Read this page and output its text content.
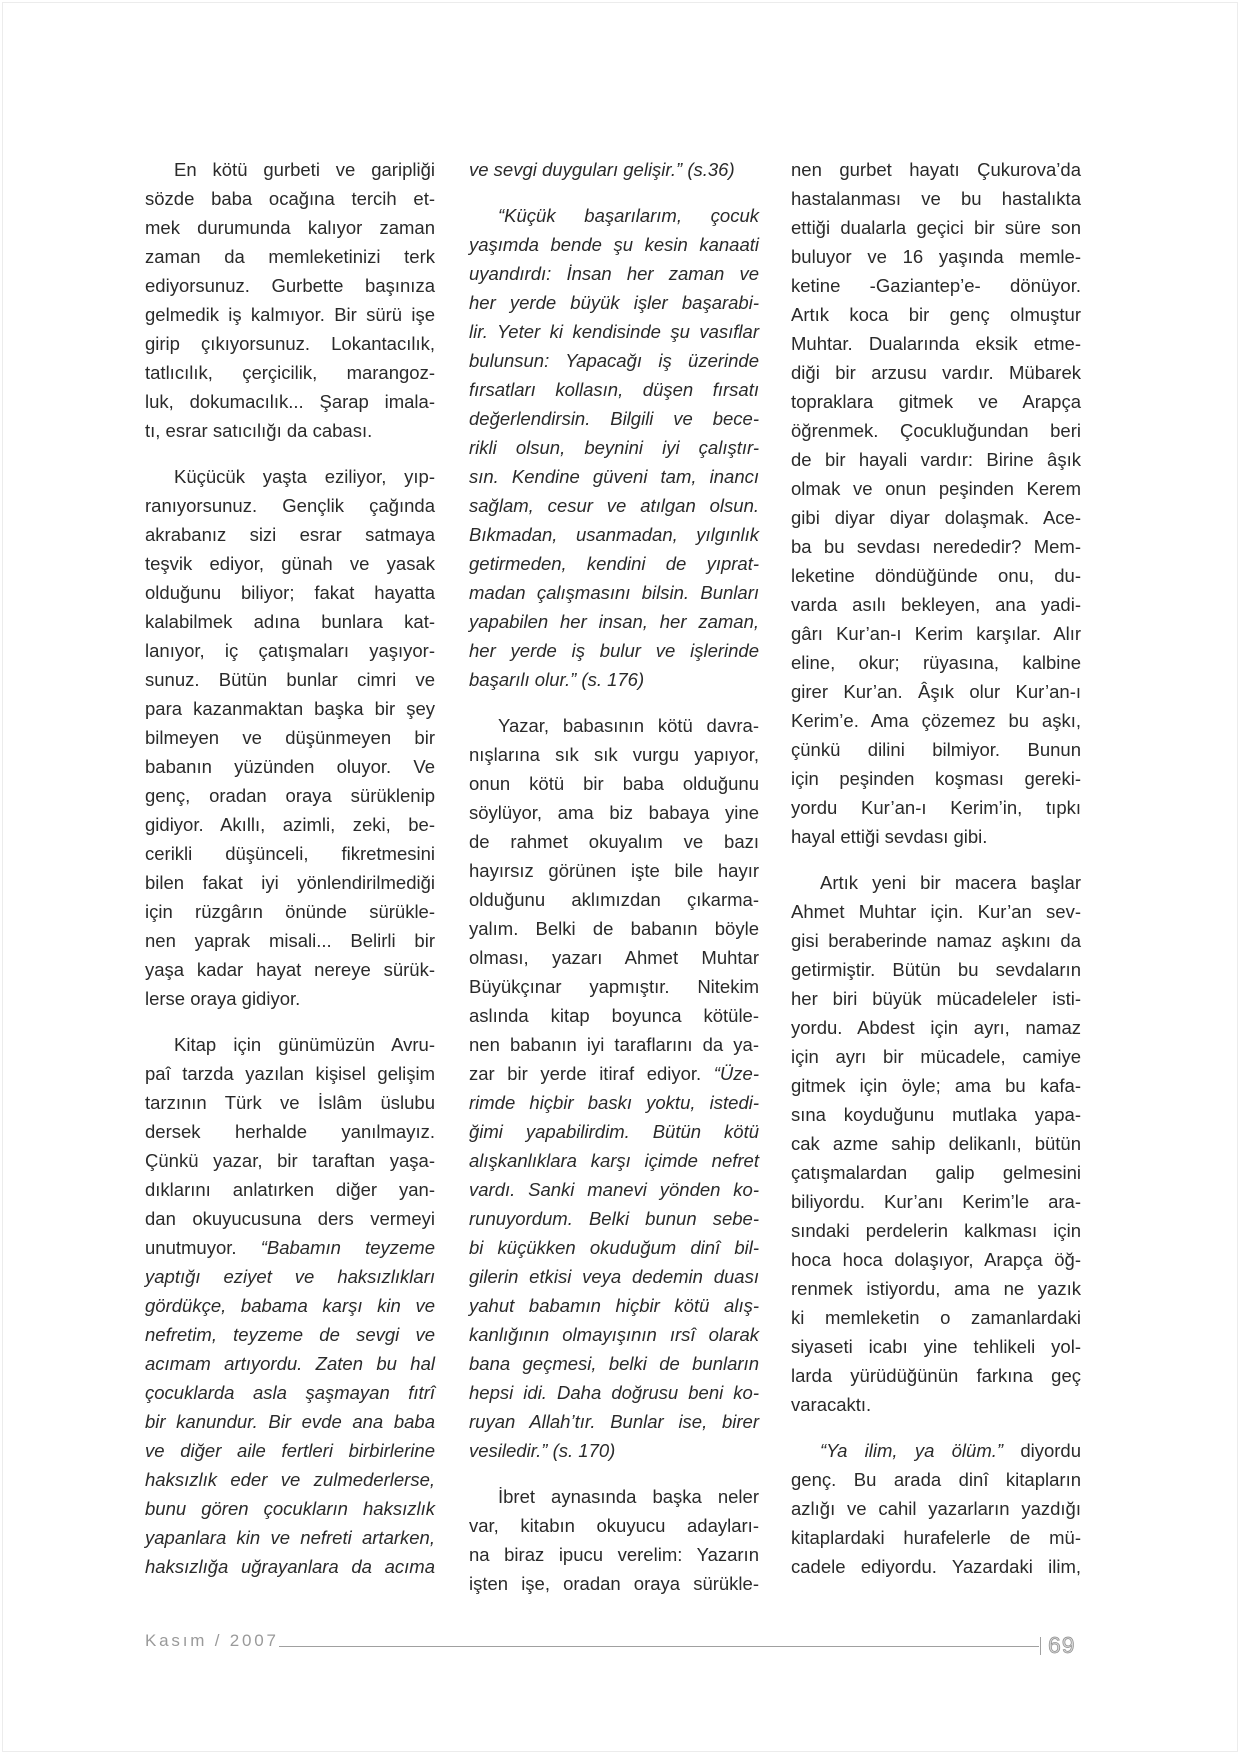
En kötü gurbeti ve garipliği
sözde baba ocağına tercih et-
mek durumunda kalıyor zaman
zaman da memleketinizi terk
ediyorsunuz. Gurbette başınıza
gelmedik iş kalmıyor. Bir sürü işe
girip çıkıyorsunuz. Lokantacılık,
tatlıcılık, çerçicilik, marangoz-
luk, dokumacılık... Şarap imala-
tı, esrar satıcılığı da cabası.
Küçücük yaşta eziliyor, yıp-
ranıyorsunuz. Gençlik çağında
akrabanız sizi esrar satmaya
teşvik ediyor, günah ve yasak
olduğunu biliyor; fakat hayatta
kalabilmek adına bunlara kat-
lanıyor, iç çatışmaları yaşıyor-
sunuz. Bütün bunlar cimri ve
para kazanmaktan başka bir şey
bilmeyen ve düşünmeyen bir
babanın yüzünden oluyor. Ve
genç, oradan oraya sürüklenip
gidiyor. Akıllı, azimli, zeki, be-
cerikli düşünceli, fikretmesini
bilen fakat iyi yönlendirilmediği
için rüzgârın önünde sürükle-
nen yaprak misali... Belirli bir
yaşa kadar hayat nereye sürük-
lerse oraya gidiyor.
Kitap için günümüzün Avru-
paî tarzda yazılan kişisel gelişim
tarzının Türk ve İslâm üslubu
dersek herhalde yanılmayız.
Çünkü yazar, bir taraftan yaşa-
dıklarını anlatırken diğer yan-
dan okuyucusuna ders vermeyi
unutmuyor. “Babamın teyzeme
yaptığı eziyet ve haksızlıkları
gördükçe, babama karşı kin ve
nefretim, teyzeme de sevgi ve
acımam artıyordu. Zaten bu hal
çocuklarda asla şaşmayan fıtrî
bir kanundur. Bir evde ana baba
ve diğer aile fertleri birbirlerine
haksızlık eder ve zulmederlerse,
bunu gören çocukların haksızlık
yapanlara kin ve nefreti artarken,
haksızlığa uğrayanlara da acıma
ve sevgi duyguları gelişir.” (s.36)
“Küçük başarılarım, çocuk
yaşımda bende şu kesin kanaati
uyandırdı: İnsan her zaman ve
her yerde büyük işler başarabi-
lir. Yeter ki kendisinde şu vasıflar
bulunsun: Yapacağı iş üzerinde
fırsatları kollasın, düşen fırsatı
değerlendirsin. Bilgili ve bece-
rikli olsun, beynini iyi çalıştır-
sın. Kendine güveni tam, inancı
sağlam, cesur ve atılgan olsun.
Bıkmadan, usanmadan, yılgınlık
getirmeden, kendini de yıprat-
madan çalışmasını bilsin. Bunları
yapabilen her insan, her zaman,
her yerde iş bulur ve işlerinde
başarılı olur.” (s. 176)
Yazar, babasının kötü davra-
nışlarına sık sık vurgu yapıyor,
onun kötü bir baba olduğunu
söylüyor, ama biz babaya yine
de rahmet okuyalım ve bazı
hayırsız görünen işte bile hayır
olduğunu aklımızdan çıkarma-
yalım. Belki de babanın böyle
olması, yazarı Ahmet Muhtar
Büyükçınar yapmıştır. Nitekim
aslında kitap boyunca kötüle-
nen babanın iyi taraflarını da ya-
zar bir yerde itiraf ediyor. “Üze-
rimde hiçbir baskı yoktu, istedi-
ğimi yapabilirdim. Bütün kötü
alışkanlıklara karşı içimde nefret
vardı. Sanki manevi yönden ko-
runuyordum. Belki bunun sebe-
bi küçükken okuduğum dinî bil-
gilerin etkisi veya dedemin duası
yahut babamın hiçbir kötü alış-
kanlığının olmayışının ırsî olarak
bana geçmesi, belki de bunların
hepsi idi. Daha doğrusu beni ko-
ruyan Allah’tır. Bunlar ise, birer
vesiledir.” (s. 170)
İbret aynasında başka neler
var, kitabın okuyucu adayları-
na biraz ipucu verelim: Yazarın
işten işe, oradan oraya sürükle-
nen gurbet hayatı Çukurova’da
hastalanması ve bu hastalıkta
ettiği dualarla geçici bir süre son
buluyor ve 16 yaşında memle-
ketine -Gaziantep’e- dönüyor.
Artık koca bir genç olmuştur
Muhtar. Dualarında eksik etme-
diği bir arzusu vardır. Mübarek
topraklara gitmek ve Arapça
öğrenmek. Çocukluğundan beri
de bir hayali vardır: Birine âşık
olmak ve onun peşinden Kerem
gibi diyar diyar dolaşmak. Ace-
ba bu sevdası nerededir? Mem-
leketine döndüğünde onu, du-
varda asılı bekleyen, ana yadi-
gârı Kur’an-ı Kerim karşılar. Alır
eline, okur; rüyasına, kalbine
girer Kur’an. Âşık olur Kur’an-ı
Kerim’e. Ama çözemez bu aşkı,
çünkü dilini bilmiyor. Bunun
için peşinden koşması gereki-
yordu Kur’an-ı Kerim’in, tıpkı
hayal ettiği sevdası gibi.
Artık yeni bir macera başlar
Ahmet Muhtar için. Kur’an sev-
gisi beraberinde namaz aşkını da
getirmiştir. Bütün bu sevdaların
her biri büyük mücadeleler isti-
yordu. Abdest için ayrı, namaz
için ayrı bir mücadele, camiye
gitmek için öyle; ama bu kafa-
sına koyduğunu mutlaka yapa-
cak azme sahip delikanlı, bütün
çatışmalardan galip gelmesini
biliyordu. Kur’anı Kerim’le ara-
sındaki perdelerin kalkması için
hoca hoca dolaşıyor, Arapça öğ-
renmek istiyordu, ama ne yazık
ki memleketin o zamanlardaki
siyaseti icabı yine tehlikeli yol-
larda yürüdüğünün farkına geç
varacaktı.
“Ya ilim, ya ölüm.” diyordu
genç. Bu arada dinî kitapların
azlığı ve cahil yazarların yazdığı
kitaplardaki hurafelerle de mü-
cadele ediyordu. Yazardaki ilim,
Kasım / 2007	69
